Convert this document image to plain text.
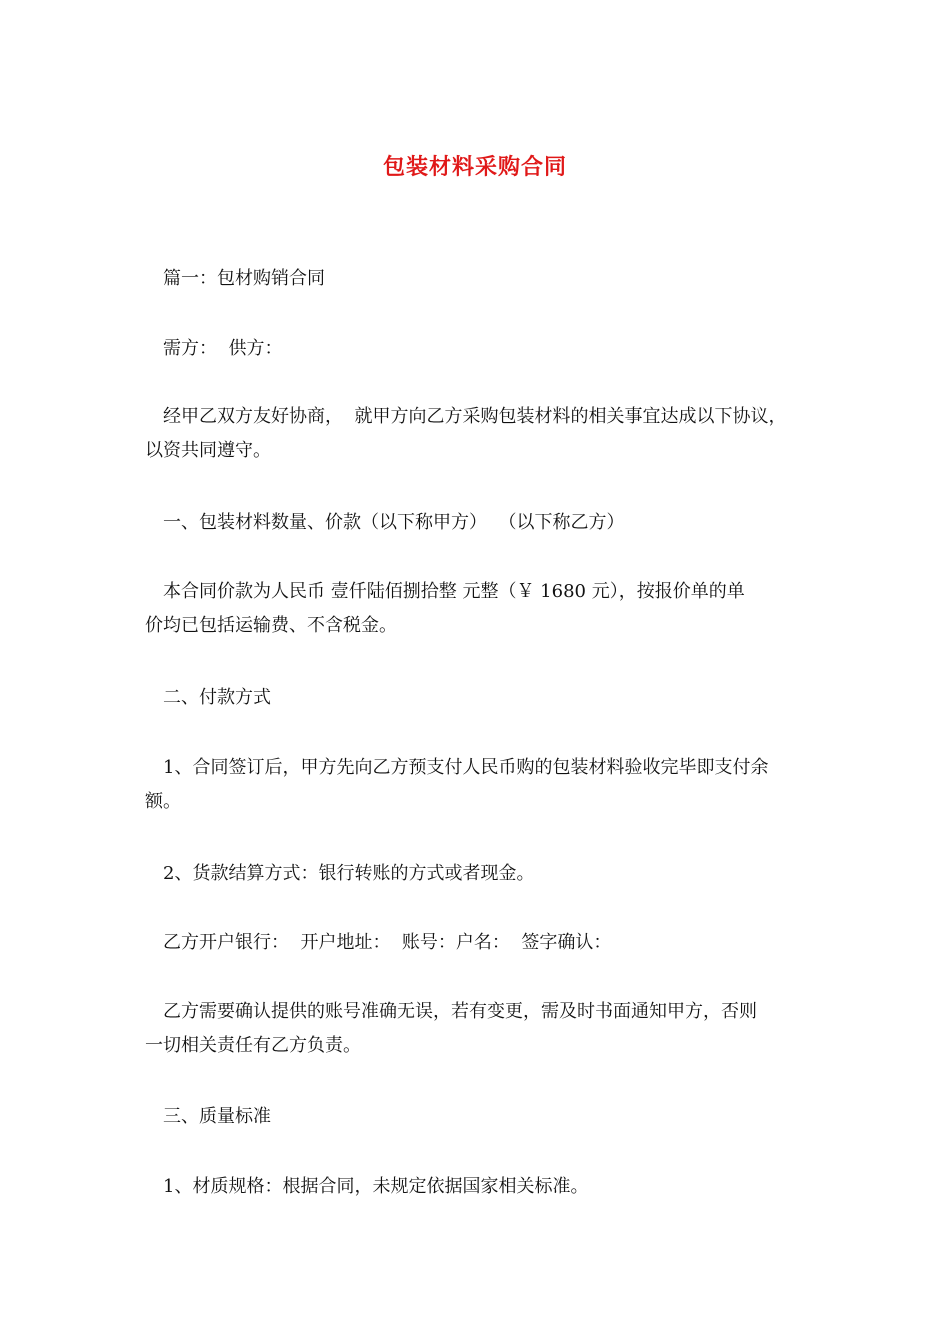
包装材料采购合同
篇一：包材购销合同
需方：  供方：
经甲乙双方友好协商，  就甲方向乙方采购包装材料的相关事宜达成以下协议，
以资共同遵守。
一、包装材料数量、价款（以下称甲方）  （以下称乙方）
本合同价款为人民币 壹仟陆佰捌拾整 元整（￥ 1680 元），按报价单的单
价均已包括运输费、不含税金。
二、付款方式
1、合同签订后，甲方先向乙方预支付人民币购的包装材料验收完毕即支付余
额。
2、货款结算方式：银行转账的方式或者现金。
乙方开户银行：  开户地址：  账号：户名：  签字确认：
乙方需要确认提供的账号准确无误，若有变更，需及时书面通知甲方，否则
一切相关责任有乙方负责。
三、质量标准
1、材质规格：根据合同，未规定依据国家相关标准。
